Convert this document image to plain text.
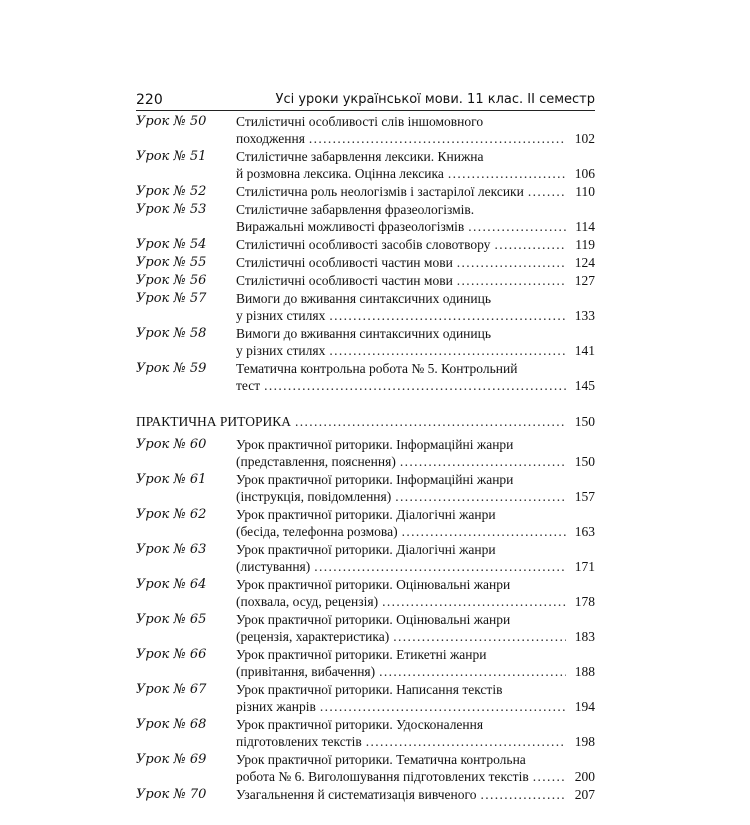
220	Усі уроки української мови. 11 клас. ІІ семестр
Урок № 50	Стилістичні особливості слів іншомовного
походження . . .	102
Урок № 51	Стилістичне забарвлення лексики. Книжна
й розмовна лексика. Оцінна лексика . . .	106
Урок № 52	Стилістична роль неологізмів і застарілої лексики . . .	110
Урок № 53	Стилістичне забарвлення фразеологізмів.
Виражальні можливості фразеологізмів . . .	114
Урок № 54	Стилістичні особливості засобів словотвору . . .	119
Урок № 55	Стилістичні особливості частин мови . . .	124
Урок № 56	Стилістичні особливості частин мови . . .	127
Урок № 57	Вимоги до вживання синтаксичних одиниць
у різних стилях . . .	133
Урок № 58	Вимоги до вживання синтаксичних одиниць
у різних стилях . . .	141
Урок № 59	Тематична контрольна робота № 5. Контрольний
тест . . .	145
ПРАКТИЧНА РИТОРИКА . . .	150
Урок № 60	Урок практичної риторики. Інформаційні жанри
(представлення, пояснення) . . .	150
Урок № 61	Урок практичної риторики. Інформаційні жанри
(інструкція, повідомлення) . . .	157
Урок № 62	Урок практичної риторики. Діалогічні жанри
(бесіда, телефонна розмова) . . .	163
Урок № 63	Урок практичної риторики. Діалогічні жанри
(листування) . . .	171
Урок № 64	Урок практичної риторики. Оцінювальні жанри
(похвала, осуд, рецензія) . . .	178
Урок № 65	Урок практичної риторики. Оцінювальні жанри
(рецензія, характеристика) . . .	183
Урок № 66	Урок практичної риторики. Етикетні жанри
(привітання, вибачення) . . .	188
Урок № 67	Урок практичної риторики. Написання текстів
різних жанрів . . .	194
Урок № 68	Урок практичної риторики. Удосконалення
підготовлених текстів . . .	198
Урок № 69	Урок практичної риторики. Тематична контрольна
робота № 6. Виголошування підготовлених текстів . . .	200
Урок № 70	Узагальнення й систематизація вивченого . . .	207
